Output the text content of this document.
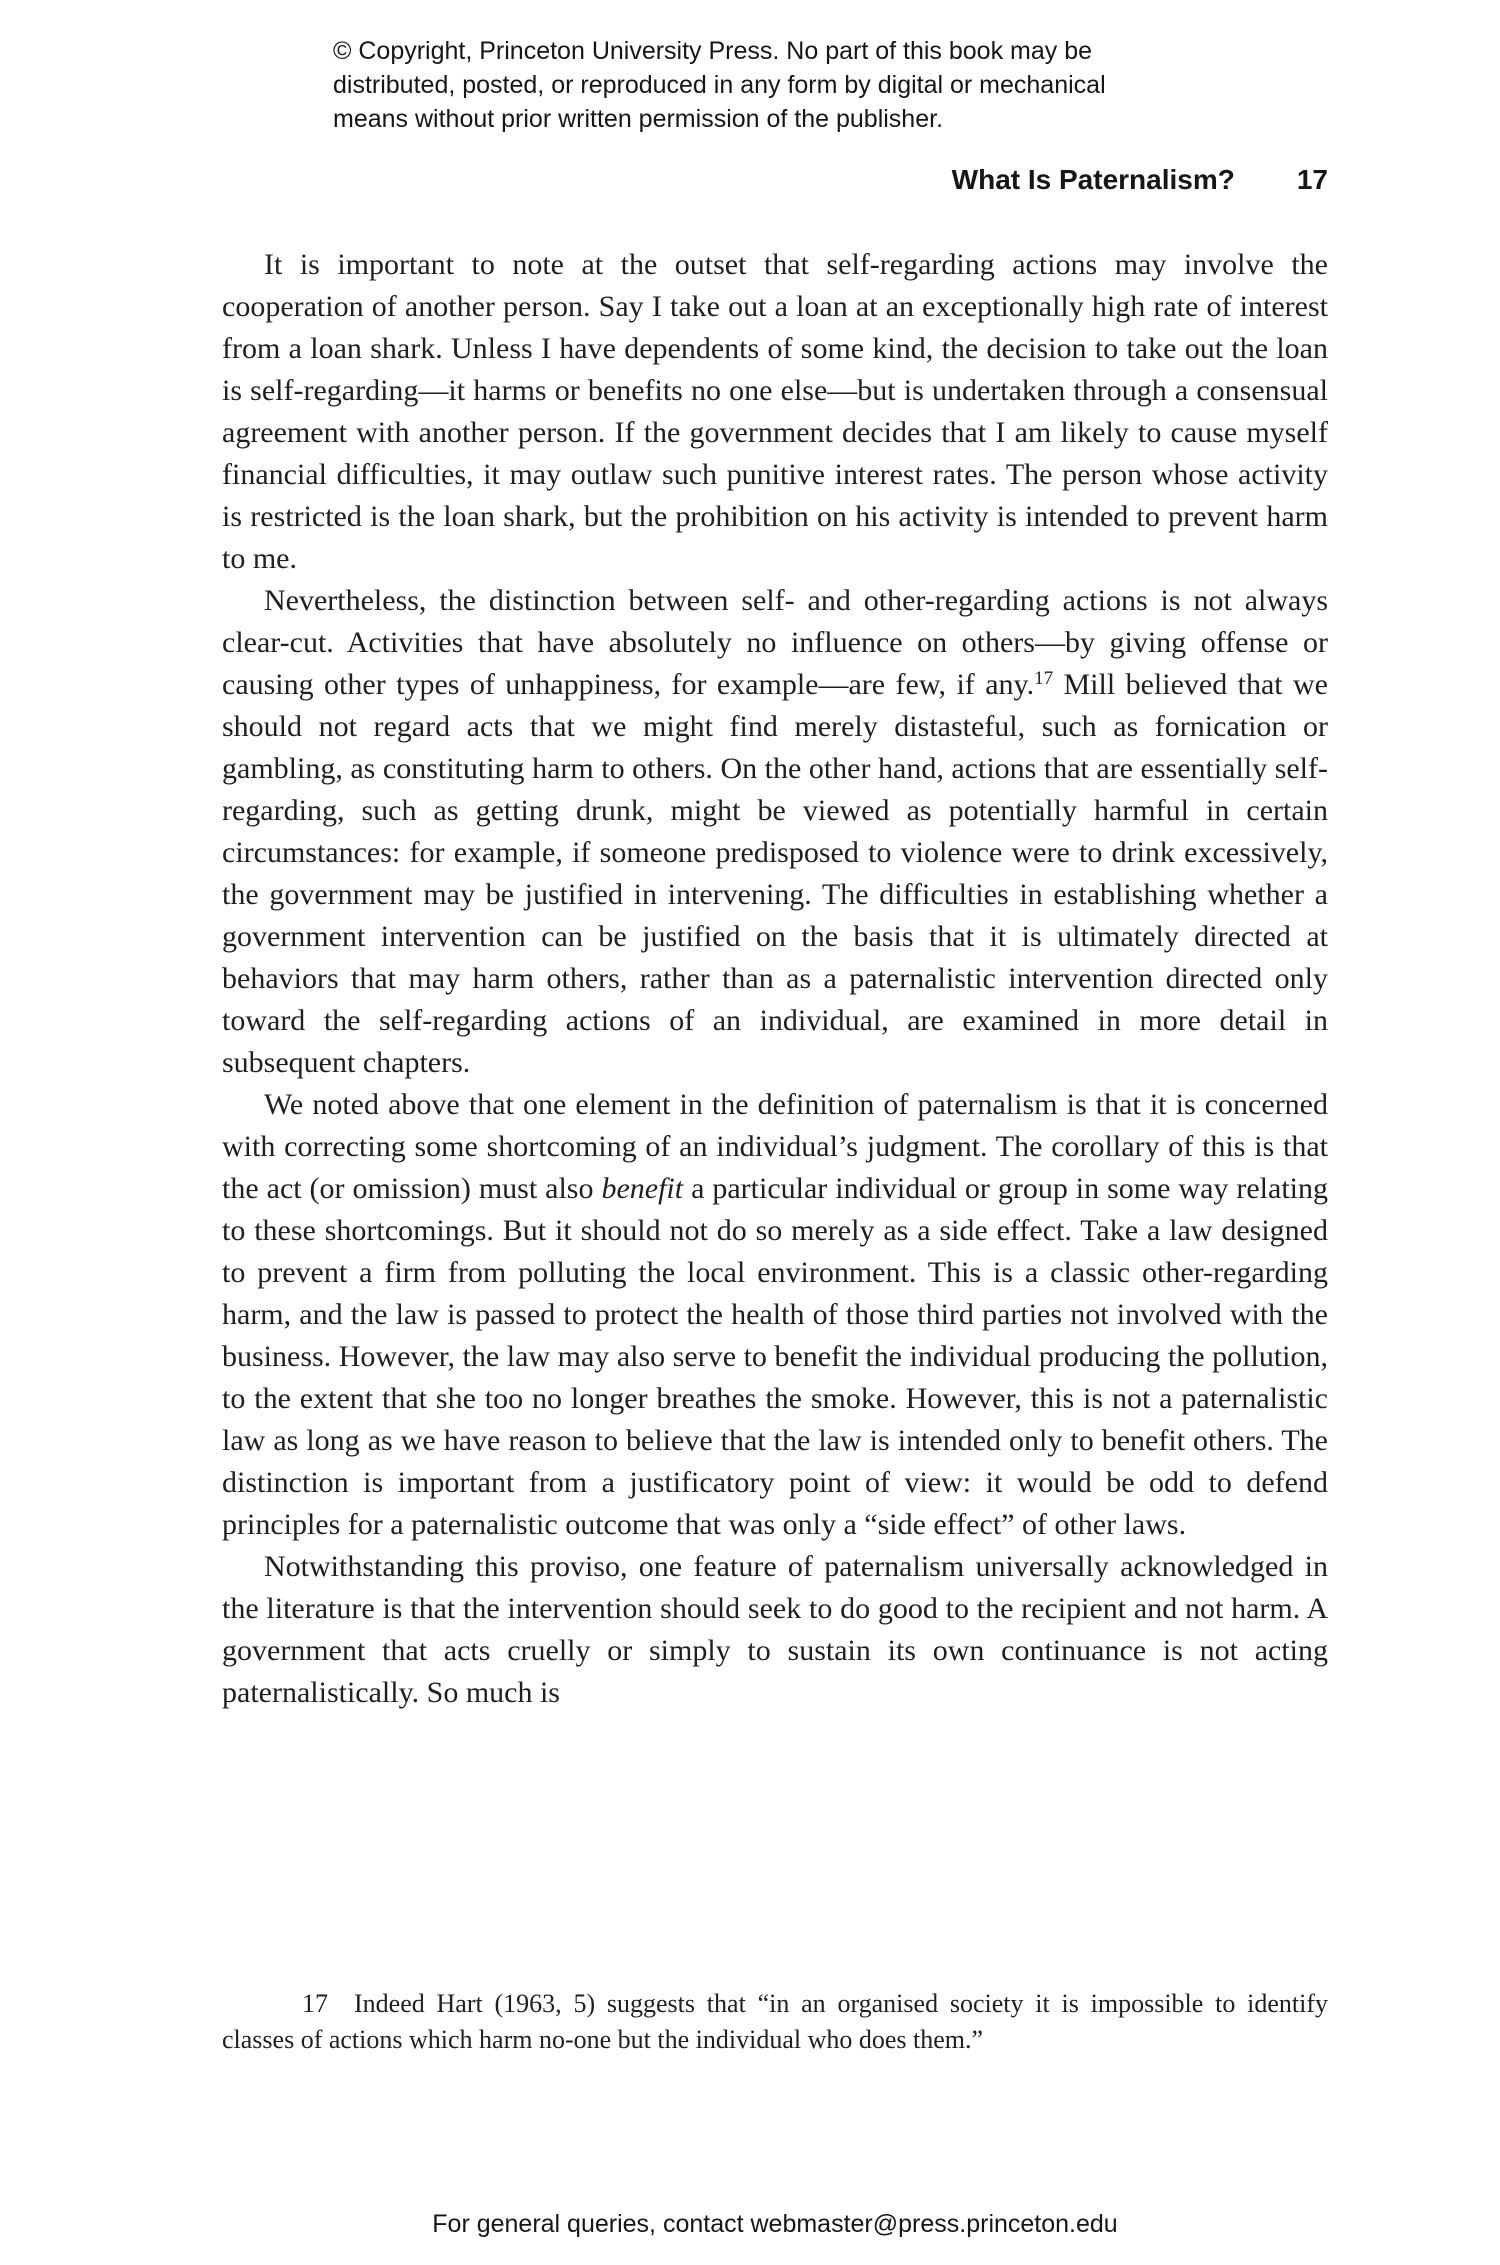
© Copyright, Princeton University Press. No part of this book may be
distributed, posted, or reproduced in any form by digital or mechanical
means without prior written permission of the publisher.
What Is Paternalism? 17

It is important to note at the outset that self-regarding actions may involve the cooperation of another person. Say I take out a loan at an exceptionally high rate of interest from a loan shark. Unless I have dependents of some kind, the decision to take out the loan is self-regarding—it harms or benefits no one else—but is undertaken through a consensual agreement with another person. If the government decides that I am likely to cause myself financial difficulties, it may outlaw such punitive interest rates. The person whose activity is restricted is the loan shark, but the prohibition on his activity is intended to prevent harm to me.

Nevertheless, the distinction between self- and other-regarding actions is not always clear-cut. Activities that have absolutely no influence on others—by giving offense or causing other types of unhappiness, for example—are few, if any.$^{17}$ Mill believed that we should not regard acts that we might find merely distasteful, such as fornication or gambling, as constituting harm to others. On the other hand, actions that are essentially self-regarding, such as getting drunk, might be viewed as potentially harmful in certain circumstances: for example, if someone predisposed to violence were to drink excessively, the government may be justified in intervening. The difficulties in establishing whether a government intervention can be justified on the basis that it is ultimately directed at behaviors that may harm others, rather than as a paternalistic intervention directed only toward the self-regarding actions of an individual, are examined in more detail in subsequent chapters.

We noted above that one element in the definition of paternalism is that it is concerned with correcting some shortcoming of an individual’s judgment. The corollary of this is that the act (or omission) must also benefit a particular individual or group in some way relating to these shortcomings. But it should not do so merely as a side effect. Take a law designed to prevent a firm from polluting the local environment. This is a classic other-regarding harm, and the law is passed to protect the health of those third parties not involved with the business. However, the law may also serve to benefit the individual producing the pollution, to the extent that she too no longer breathes the smoke. However, this is not a paternalistic law as long as we have reason to believe that the law is intended only to benefit others. The distinction is important from a justificatory point of view: it would be odd to defend principles for a paternalistic outcome that was only a “side effect” of other laws.

Notwithstanding this proviso, one feature of paternalism universally acknowledged in the literature is that the intervention should seek to do good to the recipient and not harm. A government that acts cruelly or simply to sustain its own continuance is not acting paternalistically. So much is

17 Indeed Hart (1963, 5) suggests that “in an organised society it is impossible to identify classes of actions which harm no-one but the individual who does them.”

For general queries, contact webmaster@press.princeton.edu
